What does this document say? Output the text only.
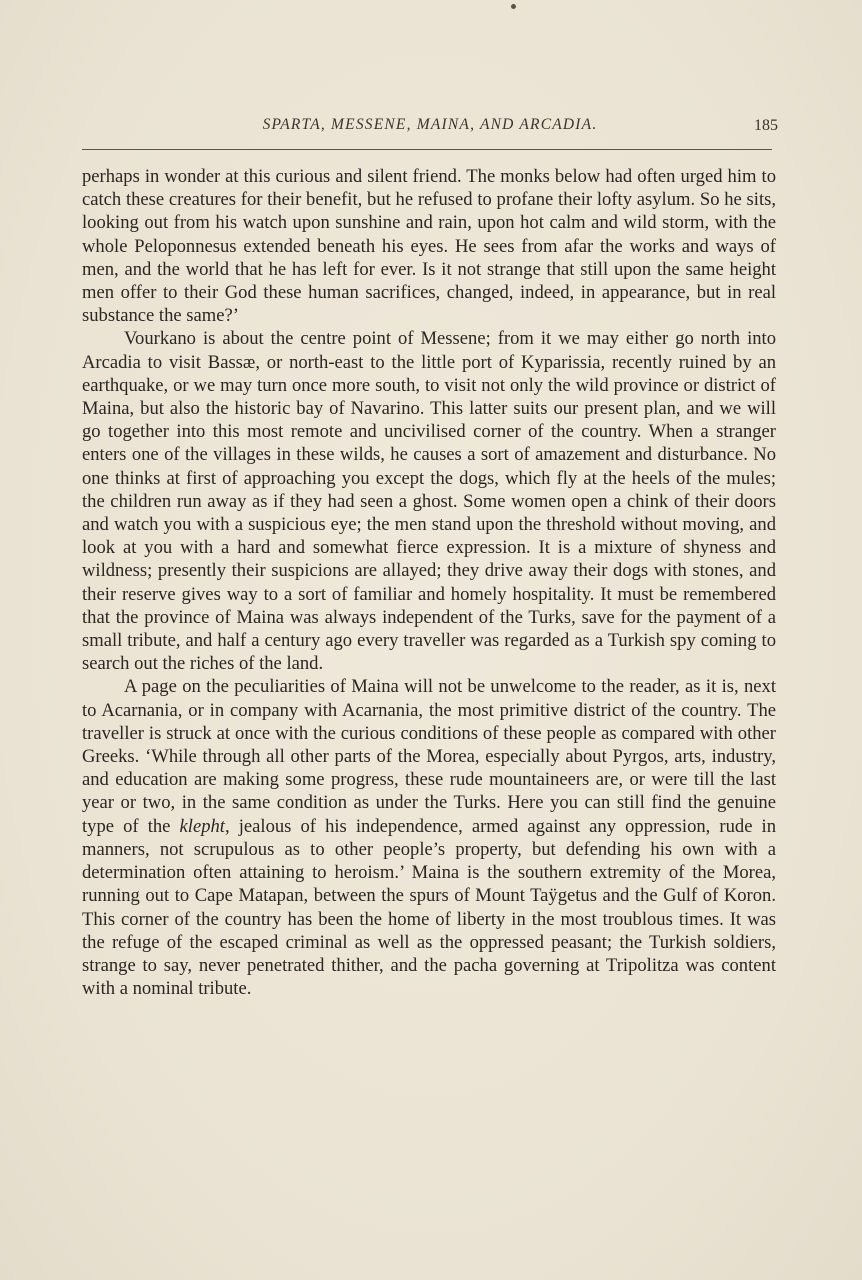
SPARTA, MESSENE, MAINA, AND ARCADIA.	185

perhaps in wonder at this curious and silent friend. The monks below had often urged him to catch these creatures for their benefit, but he refused to profane their lofty asylum. So he sits, looking out from his watch upon sunshine and rain, upon hot calm and wild storm, with the whole Peloponnesus extended beneath his eyes. He sees from afar the works and ways of men, and the world that he has left for ever. Is it not strange that still upon the same height men offer to their God these human sacrifices, changed, indeed, in appearance, but in real substance the same?’

Vourkano is about the centre point of Messene; from it we may either go north into Arcadia to visit Bassæ, or north-east to the little port of Kyparissia, recently ruined by an earthquake, or we may turn once more south, to visit not only the wild province or district of Maina, but also the historic bay of Navarino. This latter suits our present plan, and we will go together into this most remote and uncivilised corner of the country. When a stranger enters one of the villages in these wilds, he causes a sort of amazement and disturbance. No one thinks at first of approaching you except the dogs, which fly at the heels of the mules; the children run away as if they had seen a ghost. Some women open a chink of their doors and watch you with a suspicious eye; the men stand upon the threshold without moving, and look at you with a hard and somewhat fierce expression. It is a mixture of shyness and wildness; presently their suspicions are allayed; they drive away their dogs with stones, and their reserve gives way to a sort of familiar and homely hospitality. It must be remembered that the province of Maina was always independent of the Turks, save for the payment of a small tribute, and half a century ago every traveller was regarded as a Turkish spy coming to search out the riches of the land.

A page on the peculiarities of Maina will not be unwelcome to the reader, as it is, next to Acarnania, or in company with Acarnania, the most primitive district of the country. The traveller is struck at once with the curious conditions of these people as compared with other Greeks. ‘While through all other parts of the Morea, especially about Pyrgos, arts, industry, and education are making some progress, these rude mountaineers are, or were till the last year or two, in the same condition as under the Turks. Here you can still find the genuine type of the klepht, jealous of his independence, armed against any oppression, rude in manners, not scrupulous as to other people’s property, but defending his own with a determination often attaining to heroism.’ Maina is the southern extremity of the Morea, running out to Cape Matapan, between the spurs of Mount Taÿgetus and the Gulf of Koron. This corner of the country has been the home of liberty in the most troublous times. It was the refuge of the escaped criminal as well as the oppressed peasant; the Turkish soldiers, strange to say, never penetrated thither, and the pacha governing at Tripolitza was content with a nominal tribute.
